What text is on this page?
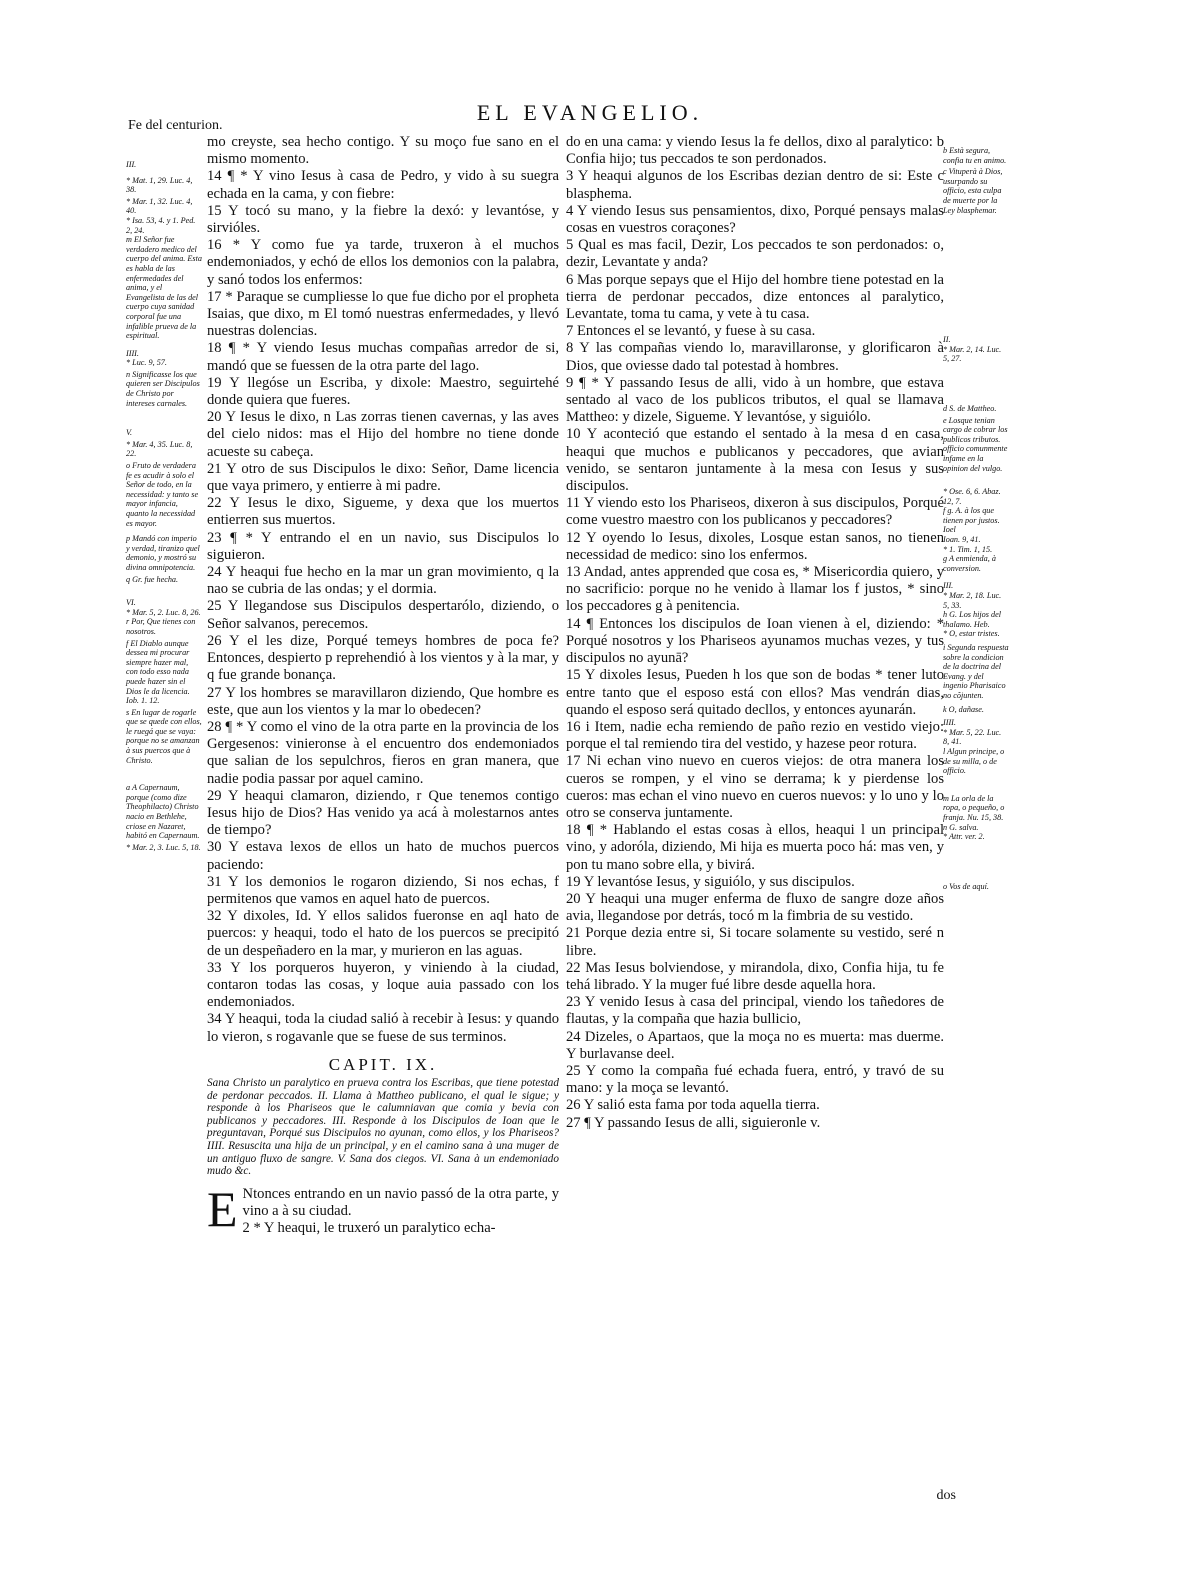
EL EVANGELIO.
Fe del centurion.
III.
* Mat. 1, 29. Luc. 4, 38.
* Mar. 1, 32. Luc. 4, 40.
* Isa. 53, 4. y 1. Ped. 2, 24.
m El Señor fue verdadero medico del cuerpo del anima. Esta es habla de las enfermedades del anima, y el Evangelista de las del cuerpo cuya sanidad corporal fue una infalible prueva de la espiritual.
IIII.
* Luc. 9, 57.
n Significasse los que quieren ser Discipulos de Christo por intereses carnales.
V.
* Mar. 4, 35. Luc. 8, 22.
o Fruto de verdadera fe es acudir à solo el Señor de todo, en la necessidad: y tanto se mayor infancia, quanto la necessidad es mayor.
p Mandó con imperio y verdad, tiranizo quel demonio, y mostró su divina omnipotencia.
q Gr. fue hecha.
VI.
* Mar. 5, 2. Luc. 8, 26.
r Por, Que tienes con nosotros.
f El Diablo aunque dessea mi procurar siempre hazer mal, con todo esso nada puede hazer sin el Dios le da licencia. Iob. 1. 12.
s En lugar de rogarle que se quede con ellos, le ruegá que se vaya: porque no se amanzan à sus puercos que à Christo.
a A Capernaum, porque (como dize Theophilacto) Christo nacio en Bethlehe, criose en Nazaret, habitó en Capernaum.
* Mar. 2, 3. Luc. 5, 18.

mo creyste, sea hecho contigo. Y su moço fue sano en el mismo momento.

14 ¶ * Y vino Iesus à casa de Pedro, y vido à su suegra echada en la cama, y con fiebre:

15 Y tocó su mano, y la fiebre la dexó: y levantóse, y sirvióles.

16 * Y como fue ya tarde, truxeron à el muchos endemoniados, y echó de ellos los demonios con la palabra, y sanó todos los enfermos:

17 * Paraque se cumpliesse lo que fue dicho por el propheta Isaias, que dixo, m El tomó nuestras enfermedades, y llevó nuestras dolencias.

18 ¶ * Y viendo Iesus muchas compañas arredor de si, mandó que se fuessen de la otra parte del lago.

19 Y llegóse un Escriba, y dixole: Maestro, seguirtehé donde quiera que fueres.

20 Y Iesus le dixo, n Las zorras tienen cavernas, y las aves del cielo nidos: mas el Hijo del hombre no tiene donde acueste su cabeça.

21 Y otro de sus Discipulos le dixo: Señor, Dame licencia que vaya primero, y entierre à mi padre.

22 Y Iesus le dixo, Sigueme, y dexa que los muertos entierren sus muertos.

23 ¶ * Y entrando el en un navio, sus Discipulos lo siguieron.

24 Y heaqui fue hecho en la mar un gran movimiento, q la nao se cubria de las ondas; y el dormia.

25 Y llegandose sus Discipulos despertarólo, diziendo, o Señor salvanos, perecemos.

26 Y el les dize, Porqué temeys hombres de poca fe? Entonces, despierto p reprehendió à los vientos y à la mar, y q fue grande bonança.

27 Y los hombres se maravillaron diziendo, Que hombre es este, que aun los vientos y la mar lo obedecen?

28 ¶ * Y como el vino de la otra parte en la provincia de los Gergesenos: vinieronse à el encuentro dos endemoniados que salian de los sepulchros, fieros en gran manera, que nadie podia passar por aquel camino.

29 Y heaqui clamaron, diziendo, r Que tenemos contigo Iesus hijo de Dios? Has venido ya acá à molestarnos antes de tiempo?

30 Y estava lexos de ellos un hato de muchos puercos paciendo:

31 Y los demonios le rogaron diziendo, Si nos echas, f permitenos que vamos en aquel hato de puercos.

32 Y dixoles, Id. Y ellos salidos fueronse en aql hato de puercos: y heaqui, todo el hato de los puercos se precipitó de un despeñadero en la mar, y murieron en las aguas.

33 Y los porqueros huyeron, y viniendo à la ciudad, contaron todas las cosas, y loque auia passado con los endemoniados.

34 Y heaqui, toda la ciudad salió à recebir à Iesus: y quando lo vieron, s rogavanle que se fuese de sus terminos.

CAPIT. IX.

Sana Christo un paralytico en prueva contra los Escribas, que tiene potestad de perdonar peccados. II. Llama à Mattheo publicano, el qual le sigue; y responde à los Phariseos que le calumniavan que comia y bevia con publicanos y peccadores. III. Responde à los Discipulos de Ioan que le preguntavan, Porqué sus Discipulos no ayunan, como ellos, y los Phariseos? IIII. Resuscita una hija de un principal, y en el camino sana à una muger de un antiguo fluxo de sangre. V. Sana dos ciegos. VI. Sana à un endemoniado mudo &c.

E Ntonces entrando en un navio passó de la otra parte, y vino a à su ciudad.

2 * Y heaqui, le truxeró un paralytico echa-

do en una cama: y viendo Iesus la fe dellos, dixo al paralytico: b Confia hijo; tus peccados te son perdonados.

3 Y heaqui algunos de los Escribas dezian dentro de si: Este c blasphema.

4 Y viendo Iesus sus pensamientos, dixo, Porqué pensays malas cosas en vuestros coraçones?

5 Qual es mas facil, Dezir, Los peccados te son perdonados: o, dezir, Levantate y anda?

6 Mas porque sepays que el Hijo del hombre tiene potestad en la tierra de perdonar peccados, dize entonces al paralytico, Levantate, toma tu cama, y vete à tu casa.

7 Entonces el se levantó, y fuese à su casa.

8 Y las compañas viendo lo, maravillaronse, y glorificaron à Dios, que oviesse dado tal potestad à hombres.

9 ¶ * Y passando Iesus de alli, vido à un hombre, que estava sentado al vaco de los publicos tributos, el qual se llamava Mattheo: y dizele, Sigueme. Y levantóse, y siguiólo.

10 Y aconteció que estando el sentado à la mesa d en casa, heaqui que muchos e publicanos y peccadores, que avian venido, se sentaron juntamente à la mesa con Iesus y sus discipulos.

11 Y viendo esto los Phariseos, dixeron à sus discipulos, Porqué come vuestro maestro con los publicanos y peccadores?

12 Y oyendo lo Iesus, dixoles, Losque estan sanos, no tienen necessidad de medico: sino los enfermos.

13 Andad, antes apprended que cosa es, * Misericordia quiero, y no sacrificio: porque no he venido à llamar los f justos, * sino los peccadores g à penitencia.

14 ¶ Entonces los discipulos de Ioan vienen à el, diziendo: * Porqué nosotros y los Phariseos ayunamos muchas vezes, y tus discipulos no ayunā?

15 Y dixoles Iesus, Pueden h los que son de bodas * tener luto entre tanto que el esposo está con ellos? Mas vendrán dias, quando el esposo será quitado decllos, y entonces ayunarán.

16 i Item, nadie echa remiendo de paño rezio en vestido viejo: porque el tal remiendo tira del vestido, y hazese peor rotura.

17 Ni echan vino nuevo en cueros viejos: de otra manera los cueros se rompen, y el vino se derrama; k y pierdense los cueros: mas echan el vino nuevo en cueros nuevos: y lo uno y lo otro se conserva juntamente.

18 ¶ * Hablando el estas cosas à ellos, heaqui l un principal vino, y adoróla, diziendo, Mi hija es muerta poco há: mas ven, y pon tu mano sobre ella, y bivirá.

19 Y levantóse Iesus, y siguiólo, y sus discipulos.

20 Y heaqui una muger enferma de fluxo de sangre doze años avia, llegandose por detrás, tocó m la fimbria de su vestido.

21 Porque dezia entre si, Si tocare solamente su vestido, seré n libre.

22 Mas Iesus bolviendose, y mirandola, dixo, Confia hija, tu fe tehá librado. Y la muger fué libre desde aquella hora.

23 Y venido Iesus à casa del principal, viendo los tañedores de flautas, y la compaña que hazia bullicio,

24 Dizeles, o Apartaos, que la moça no es muerta: mas duerme. Y burlavanse deel.

25 Y como la compaña fué echada fuera, entró, y travó de su mano: y la moça se levantó.

26 Y salió esta fama por toda aquella tierra.

27 ¶ Y passando Iesus de alli, siguieronle v.

b Està segura, confia tu en animo.
c Vituperà à Dios, usurpando su officio, esta culpa de muerte por la Ley blasphemar.
II.
* Mar. 2, 14. Luc. 5, 27.
d S. de Mattheo.
e Losque tenian cargo de cobrar los publicos tributos. officio comunmente infame en la opinion del vulgo.
* Ose. 6, 6. Abaz. 12, 7.
f g. A. à los que tienen por justos. Ioel
Ioan. 9, 41.
* 1. Tim. 1, 15.
g A enmienda, à conversion.
III.
* Mar. 2, 18. Luc. 5, 33.
h G. Los hijos del thalamo. Heb.
* O, estar tristes.
i Segunda respuesta sobre la condicion de la doctrina del Evang. y del ingenio Pharisaico no cõjunten.
k O, dañase.
IIII.
* Mar. 5, 22. Luc. 8, 41.
l Algun principe, o de su milla, o de officio.
m La orla de la ropa, o pequeño, o franja. Nu. 15, 38.
n G. salva.
* Attr. ver. 2.
o Vos de aquí.
dos
